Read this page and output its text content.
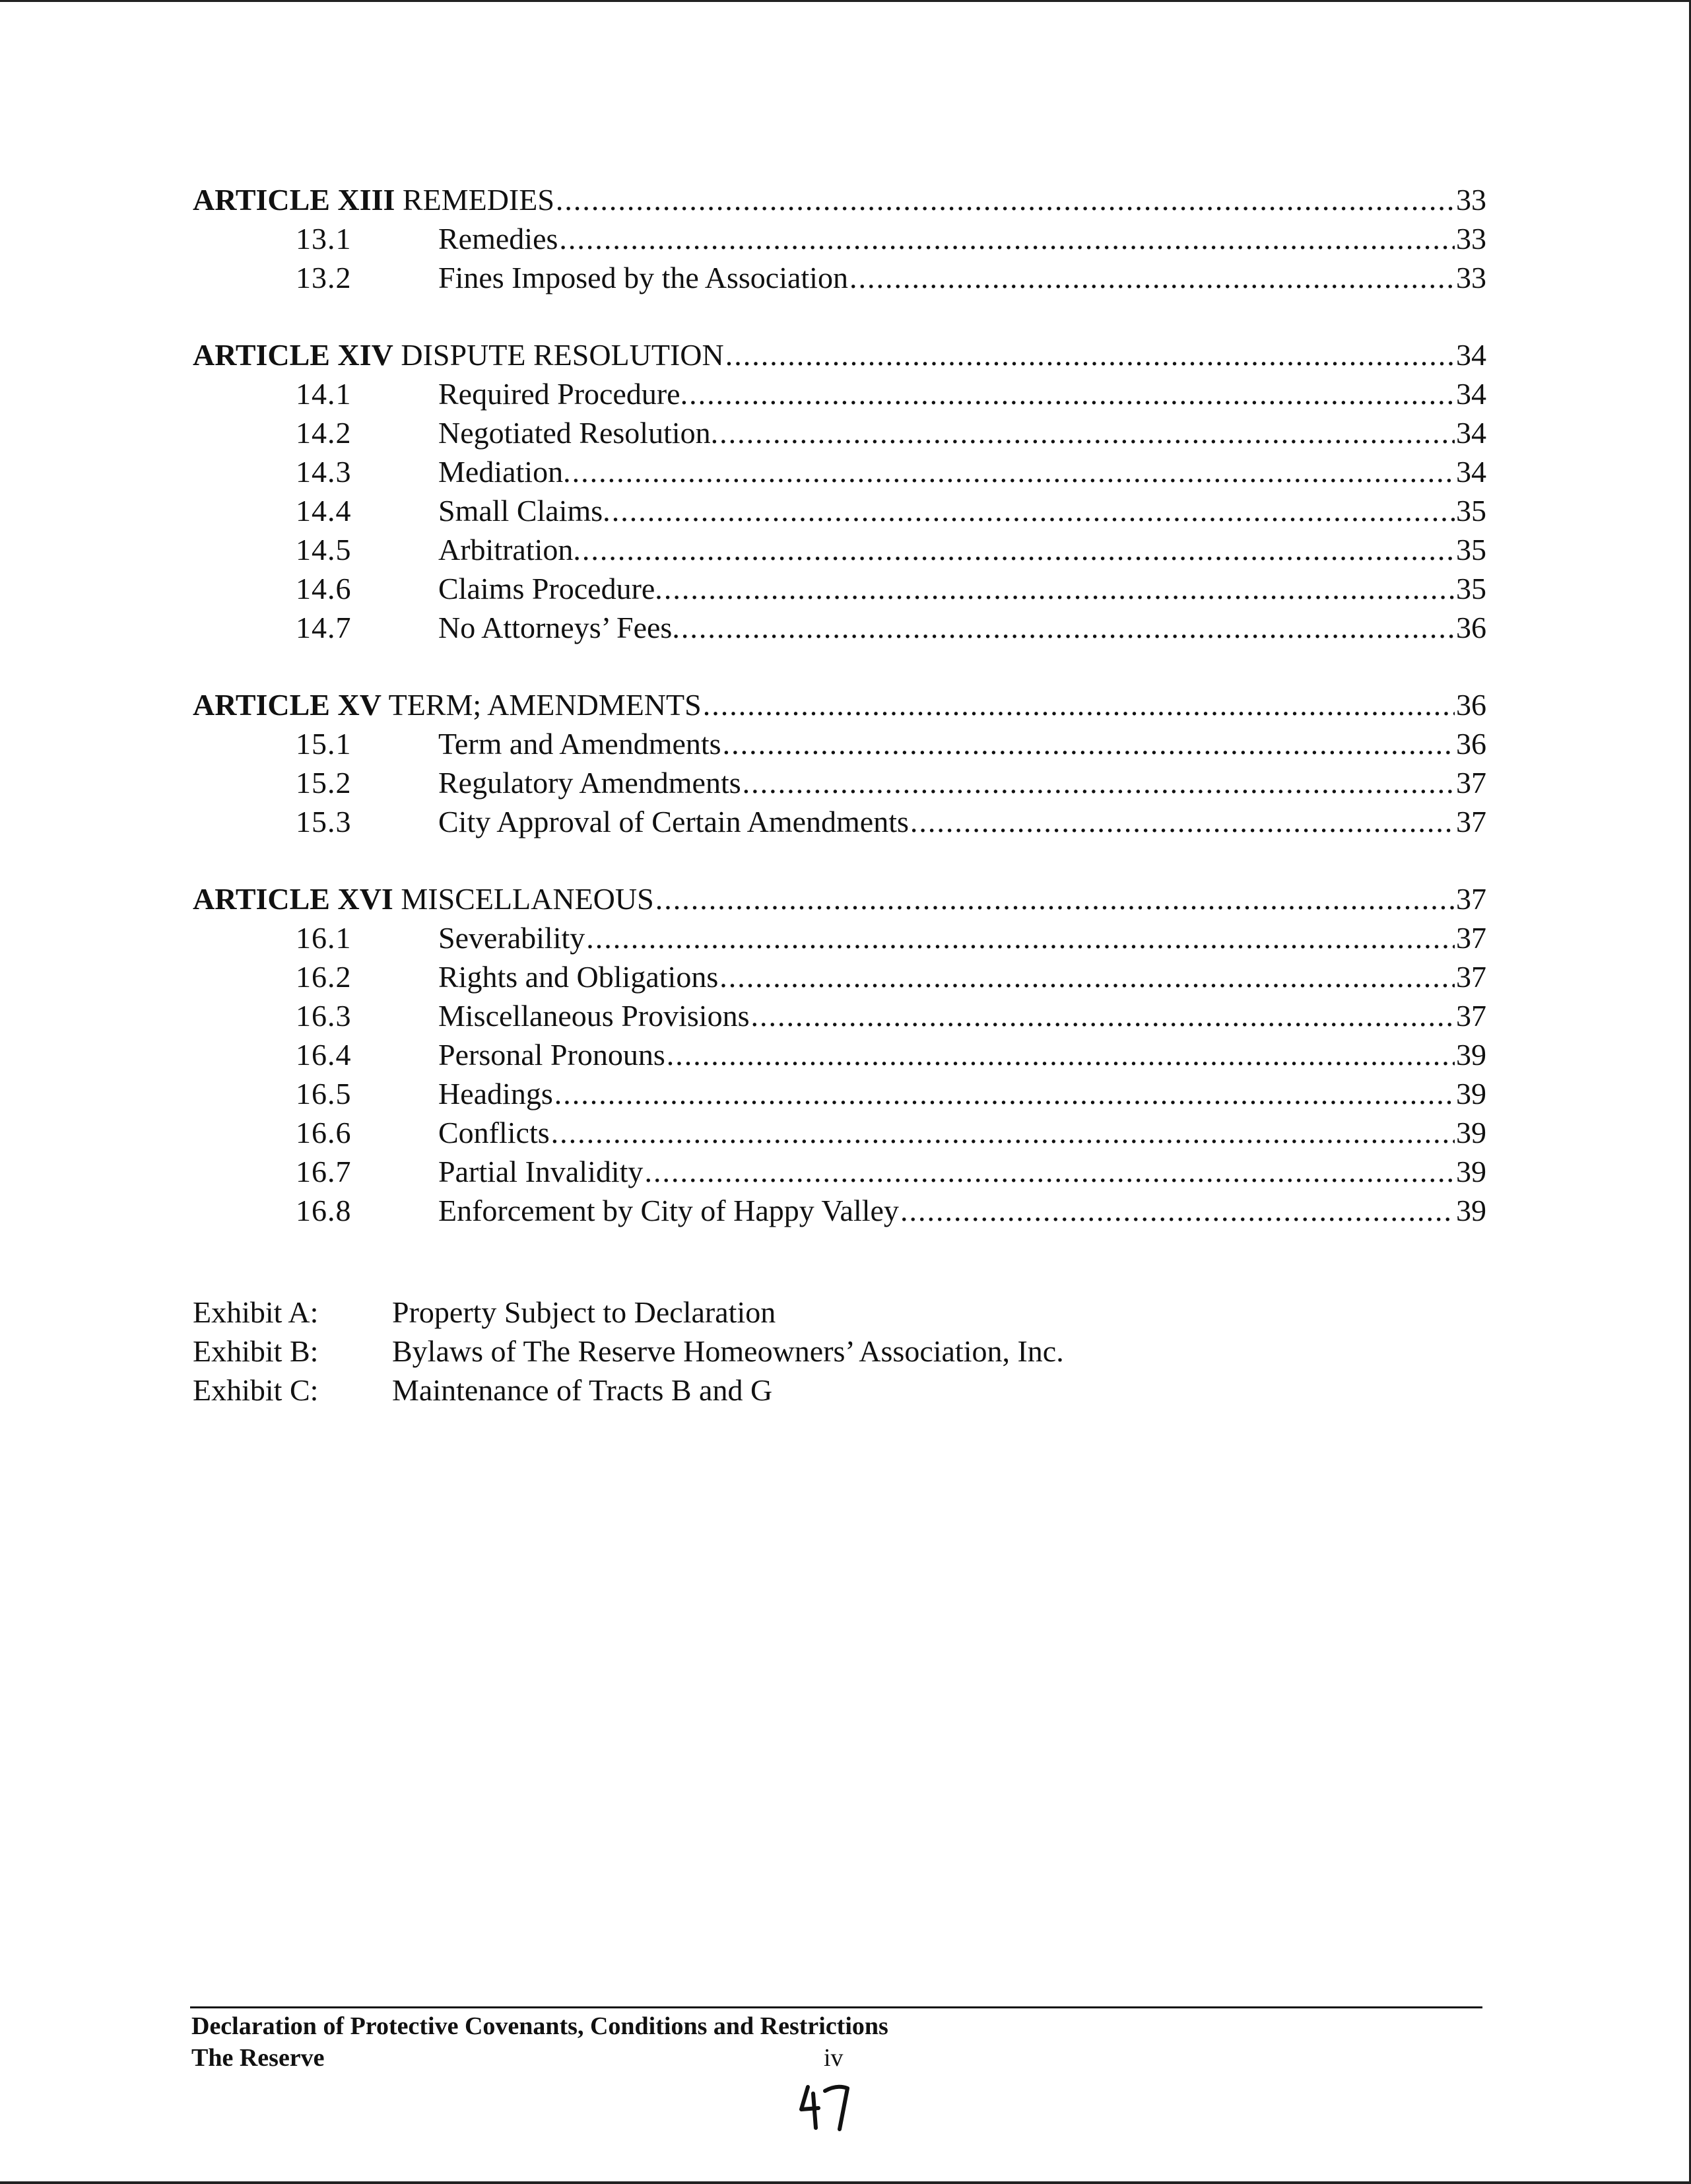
ARTICLE XIII REMEDIES .....	33
13.1	Remedies .....	33
13.2	Fines Imposed by the Association .....	33
ARTICLE XIV DISPUTE RESOLUTION .....	34
14.1	Required Procedure. .....	34
14.2	Negotiated Resolution. .....	34
14.3	Mediation. .....	34
14.4	Small Claims. .....	35
14.5	Arbitration. .....	35
14.6	Claims Procedure. .....	35
14.7	No Attorneys’ Fees. .....	36
ARTICLE XV TERM; AMENDMENTS .....	36
15.1	Term and Amendments .....	36
15.2	Regulatory Amendments .....	37
15.3	City Approval of Certain Amendments .....	37
ARTICLE XVI MISCELLANEOUS .....	37
16.1	Severability .....	37
16.2	Rights and Obligations .....	37
16.3	Miscellaneous Provisions .....	37
16.4	Personal Pronouns .....	39
16.5	Headings .....	39
16.6	Conflicts .....	39
16.7	Partial Invalidity .....	39
16.8	Enforcement by City of Happy Valley .....	39
Exhibit A:	Property Subject to Declaration
Exhibit B:	Bylaws of The Reserve Homeowners’ Association, Inc.
Exhibit C:	Maintenance of Tracts B and G
Declaration of Protective Covenants, Conditions and Restrictions
The Reserve	iv
